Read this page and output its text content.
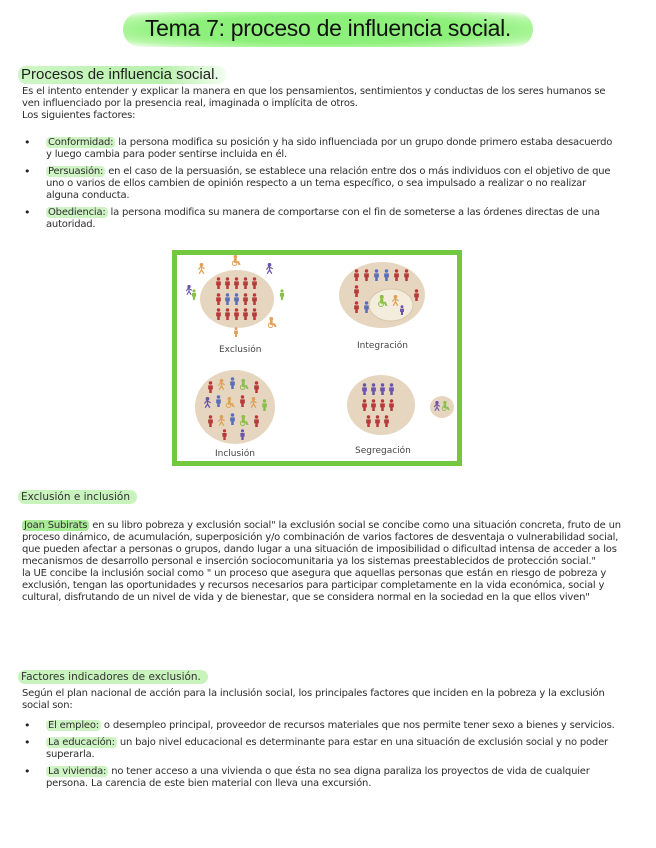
Tema 7: proceso de influencia social.
Procesos de influencia social.
Es el intento entender y explicar la manera en que los pensamientos, sentimientos y conductas de los seres humanos se ven influenciado por la presencia real, imaginada o implícita de otros.
Los siguientes factores:
• Conformidad: la persona modifica su posición y ha sido influenciada por un grupo donde primero estaba desacuerdo y luego cambia para poder sentirse incluida en él.
• Persuasión: en el caso de la persuasión, se establece una relación entre dos o más individuos con el objetivo de que uno o varios de ellos cambien de opinión respecto a un tema específico, o sea impulsado a realizar o no realizar alguna conducta.
• Obediencia: la persona modifica su manera de comportarse con el fin de someterse a las órdenes directas de una autoridad.
Exclusión	Integración
Inclusión	Segregación
Exclusión e inclusión
Joan Subirats en su libro pobreza y exclusión social" la exclusión social se concibe como una situación concreta, fruto de un proceso dinámico, de acumulación, superposición y/o combinación de varios factores de desventaja o vulnerabilidad social, que pueden afectar a personas o grupos, dando lugar a una situación de imposibilidad o dificultad intensa de acceder a los mecanismos de desarrollo personal e inserción sociocomunitaria ya los sistemas preestablecidos de protección social."
la UE concibe la inclusión social como " un proceso que asegura que aquellas personas que están en riesgo de pobreza y exclusión, tengan las oportunidades y recursos necesarios para participar completamente en la vida económica, social y cultural, disfrutando de un nivel de vida y de bienestar, que se considera normal en la sociedad en la que ellos viven"
Factores indicadores de exclusión.
Según el plan nacional de acción para la inclusión social, los principales factores que inciden en la pobreza y la exclusión social son:
• El empleo: o desempleo principal, proveedor de recursos materiales que nos permite tener sexo a bienes y servicios.
• La educación: un bajo nivel educacional es determinante para estar en una situación de exclusión social y no poder superarla.
• La vivienda: no tener acceso a una vivienda o que ésta no sea digna paraliza los proyectos de vida de cualquier persona. La carencia de este bien material con lleva una excursión.
